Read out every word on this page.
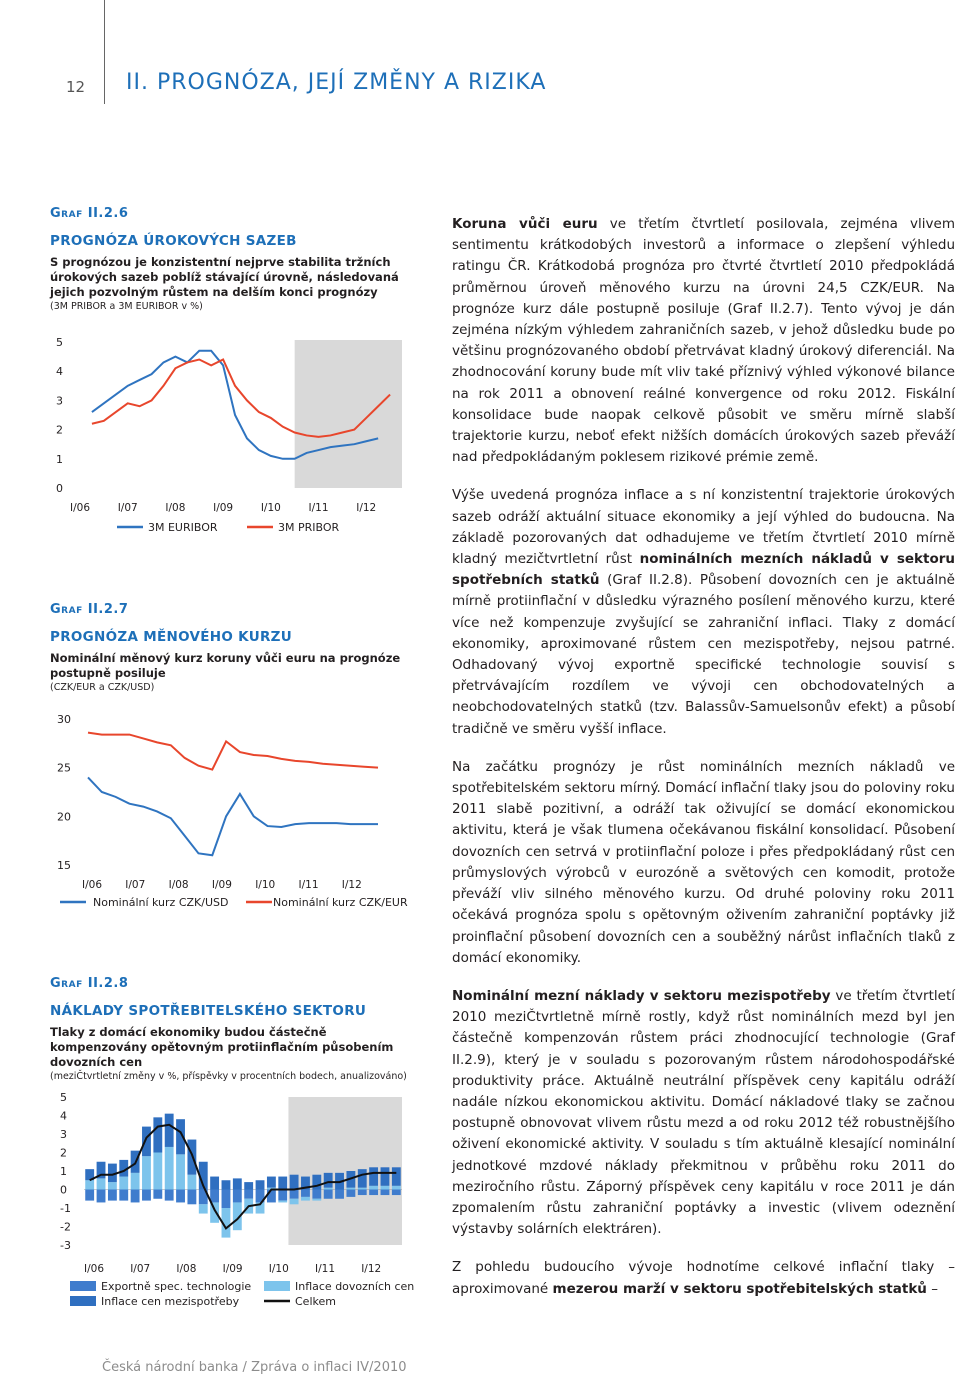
12 II. PROGNÓZA, JEJÍ ZMĚNY A RIZIKA
Graf II.2.6
PROGNÓZA ÚROKOVÝCH SAZEB
S prognózou je konzistentní nejprve stabilita tržních úrokových sazeb poblíž stávající úrovně, následovaná jejich pozvolným růstem na delším konci prognózy
(3M PRIBOR a 3M EURIBOR v %)
5
4
3
2
1
0
I/06	I/07	I/08	I/09	I/10	I/11	I/12
3M EURIBOR	3M PRIBOR
Graf II.2.7
PROGNÓZA MĚNOVÉHO KURZU
Nominální měnový kurz koruny vůči euru na prognóze postupně posiluje
(CZK/EUR a CZK/USD)
30
25
20
15
I/06 I/07 I/08 I/09 I/10 I/11 I/12
Nominální kurz CZK/USD	Nominální kurz CZK/EUR
Graf II.2.8
NÁKLADY SPOTŘEBITELSKÉHO SEKTORU
Tlaky z domácí ekonomiky budou částečně kompenzovány opětovným protiinflačním působením dovozních cen
(meziČtvrtletní změny v %, příspěvky v procentních bodech, anualizováno)
5
4
3
2
1
0
-1
-2
-3
I/06 I/07 I/08 I/09 I/10 I/11 I/12
Exportně spec. technologie
Inflace cen mezispotřeby
Inflace dovozních cen
Celkem

Koruna vůči euru ve třetím čtvrtletí posilovala, zejména vlivem sentimentu krátkodobých investorů a informace o zlepšení výhledu ratingu ČR. Krátkodobá prognóza pro čtvrté čtvrtletí 2010 předpokládá průměrnou úroveň měnového kurzu na úrovni 24,5 CZK/EUR. Na prognóze kurz dále postupně posiluje (Graf II.2.7). Tento vývoj je dán zejména nízkým výhledem zahraničních sazeb, v jehož důsledku bude po většinu prognózovaného období přetrvávat kladný úrokový diferenciál. Na zhodnocování koruny bude mít vliv také příznivý výhled výkonové bilance na rok 2011 a obnovení reálné konvergence od roku 2012. Fiskální konsolidace bude naopak celkově působit ve směru mírně slabší trajektorie kurzu, neboť efekt nižších domácích úrokových sazeb převáží nad předpokládaným poklesem rizikové prémie země.

Výše uvedená prognóza inflace a s ní konzistentní trajektorie úrokových sazeb odráží aktuální situace ekonomiky a její výhled do budoucna. Na základě pozorovaných dat odhadujeme ve třetím čtvrtletí 2010 mírně kladný mezičtvrtletní růst nominálních mezních nákladů v sektoru spotřebních statků (Graf II.2.8). Působení dovozních cen je aktuálně mírně protiinflační v důsledku výrazného posílení měnového kurzu, které více než kompenzuje zvyšující se zahraniční inflaci. Tlaky z domácí ekonomiky, aproximované růstem cen mezispotřeby, nejsou patrné. Odhadovaný vývoj exportně specifické technologie souvisí s přetrvávajícím rozdílem ve vývoji cen obchodovatelných a neobchodovatelných statků (tzv. Balassův-Samuelsonův efekt) a působí tradičně ve směru vyšší inflace.

Na začátku prognózy je růst nominálních mezních nákladů ve spotřebitelském sektoru mírný. Domácí inflační tlaky jsou do poloviny roku 2011 slabě pozitivní, a odráží tak oživující se domácí ekonomickou aktivitu, která je však tlumena očekávanou fiskální konsolidací. Působení dovozních cen setrvá v protiinflační poloze i přes předpokládaný růst cen průmyslových výrobců v eurozóně a světových cen komodit, protože převáží vliv silného měnového kurzu. Od druhé poloviny roku 2011 očekává prognóza spolu s opětovným oživením zahraniční poptávky již proinflační působení dovozních cen a souběžný nárůst inflačních tlaků z domácí ekonomiky.

Nominální mezní náklady v sektoru mezispotřeby ve třetím čtvrtletí 2010 meziČtvrtletně mírně rostly, když růst nominálních mezd byl jen částečně kompenzován růstem práci zhodnocující technologie (Graf II.2.9), který je v souladu s pozorovaným růstem národohospodářské produktivity práce. Aktuálně neutrální příspěvek ceny kapitálu odráží nadále nízkou ekonomickou aktivitu. Domácí nákladové tlaky se začnou postupně obnovovat vlivem růstu mezd a od roku 2012 též robustnějšího oživení ekonomické aktivity. V souladu s tím aktuálně klesající nominální jednotkové mzdové náklady překmitnou v průběhu roku 2011 do meziročního růstu. Záporný příspěvek ceny kapitálu v roce 2011 je dán zpomalením růstu zahraniční poptávky a investic (vlivem odeznění výstavby solárních elektráren).

Z pohledu budoucího vývoje hodnotíme celkové inflační tlaky – aproximované mezerou marží v sektoru spotřebitelských statků –

Česká národní banka / Zpráva o inflaci IV/2010
